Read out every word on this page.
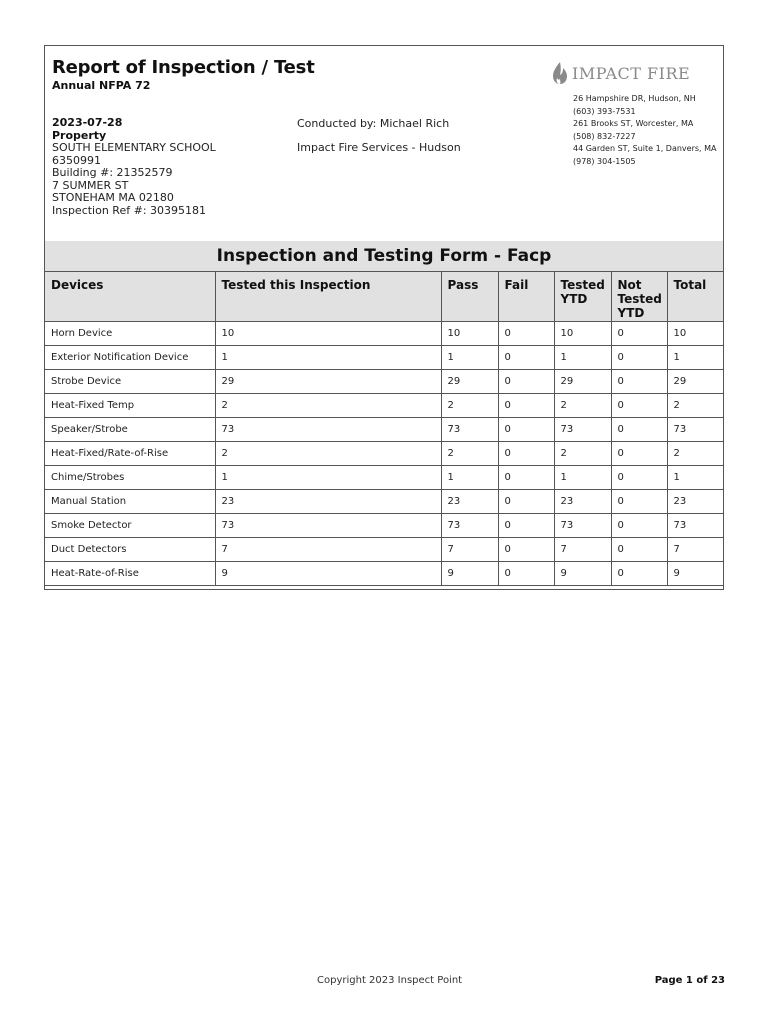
Report of Inspection / Test
Annual NFPA 72
2023-07-28
Property
SOUTH ELEMENTARY SCHOOL
6350991
Building #: 21352579
7 SUMMER ST
STONEHAM MA 02180
Inspection Ref #: 30395181
Conducted by: Michael Rich
Impact Fire Services - Hudson
IMPACT FIRE
26 Hampshire DR, Hudson, NH
(603) 393-7531
261 Brooks ST, Worcester, MA
(508) 832-7227
44 Garden ST, Suite 1, Danvers, MA
(978) 304-1505
Inspection and Testing Form - Facp
Devices	Tested this Inspection	Pass	Fail	Tested YTD	Not Tested YTD	Total
Horn Device	10	10	0	10	0	10
Exterior Notification Device	1	1	0	1	0	1
Strobe Device	29	29	0	29	0	29
Heat-Fixed Temp	2	2	0	2	0	2
Speaker/Strobe	73	73	0	73	0	73
Heat-Fixed/Rate-of-Rise	2	2	0	2	0	2
Chime/Strobes	1	1	0	1	0	1
Manual Station	23	23	0	23	0	23
Smoke Detector	73	73	0	73	0	73
Duct Detectors	7	7	0	7	0	7
Heat-Rate-of-Rise	9	9	0	9	0	9
Copyright 2023 Inspect Point	Page 1 of 23
